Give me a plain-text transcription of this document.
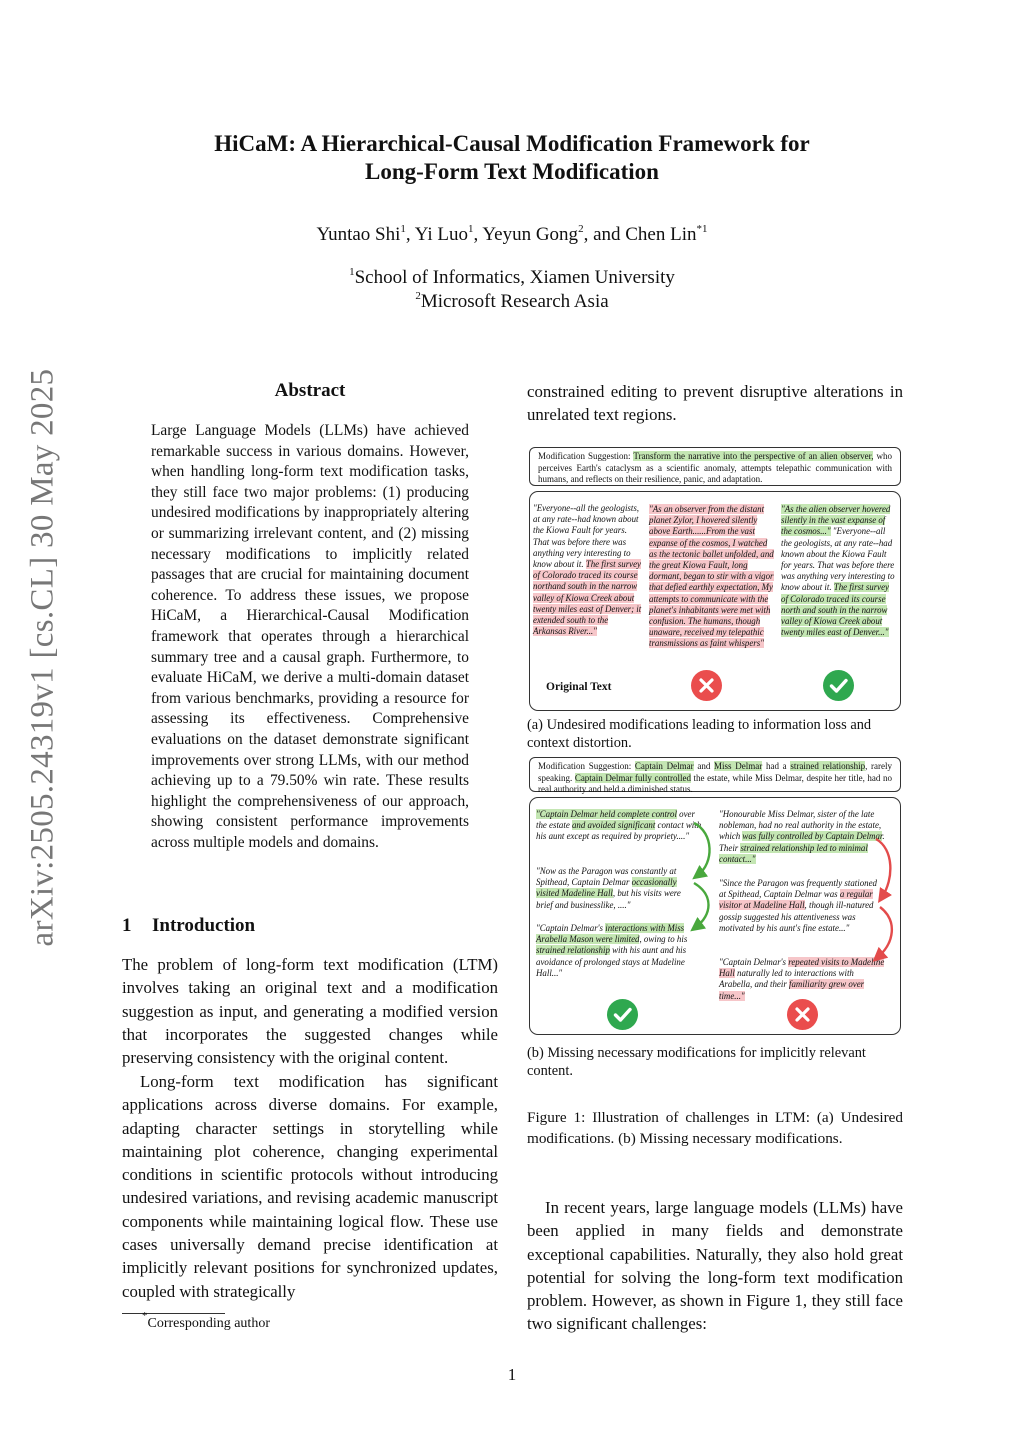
HiCaM: A Hierarchical-Causal Modification Framework for
Long-Form Text Modification
Yuntao Shi$^1$, Yi Luo$^1$, Yeyun Gong$^2$, and Chen Lin$^{*1}$
$^1$School of Informatics, Xiamen University
$^2$Microsoft Research Asia
arXiv:2505.24319v1 [cs.CL] 30 May 2025	Abstract
Large Language Models (LLMs) have achieved remarkable success in various domains. However, when handling long-form text modification tasks, they still face two major problems: (1) producing undesired modifications by inappropriately altering or summarizing irrelevant content, and (2) missing necessary modifications to implicitly related passages that are crucial for maintaining document coherence. To address these issues, we propose HiCaM, a Hierarchical-Causal Modification framework that operates through a hierarchical summary tree and a causal graph. Furthermore, to evaluate HiCaM, we derive a multi-domain dataset from various benchmarks, providing a resource for assessing its effectiveness. Comprehensive evaluations on the dataset demonstrate significant improvements over strong LLMs, with our method achieving up to a 79.50% win rate. These results highlight the comprehensiveness of our approach, showing consistent performance improvements across multiple models and domains.
1 Introduction
The problem of long-form text modification (LTM) involves taking an original text and a modification suggestion as input, and generating a modified version that incorporates the suggested changes while preserving consistency with the original content.
Long-form text modification has significant applications across diverse domains. For example, adapting character settings in storytelling while maintaining plot coherence, changing experimental conditions in scientific protocols without introducing undesired variations, and revising academic manuscript components while maintaining logical flow. These use cases universally demand precise identification at implicitly relevant positions for synchronized updates, coupled with strategically
*Corresponding author
1
constrained editing to prevent disruptive alterations in unrelated text regions.
Modification Suggestion: Transform the narrative into the perspective of an alien observer, who perceives Earth's cataclysm as a scientific anomaly, attempts telepathic communication with humans, and reflects on their resilience, panic, and adaptation.
"Everyone--all the geologists, at any rate--had known about the Kiowa Fault for years. That was before there was anything very interesting to know about it. The first survey of Colorado traced its course northand south in the narrow valley of Kiowa Creek about twenty miles east of Denver; it extended south to the Arkansas River..."
"As an observer from the distant planet Zylor, I hovered silently above Earth......From the vast expanse of the cosmos, I watched as the tectonic ballet unfolded, and the great Kiowa Fault, long dormant, began to stir with a vigor that defied earthly expectation, My attempts to communicate with the planet's inhabitants were met with confusion. The humans, though unaware, received my telepathic transmissions as faint whispers"
"As the alien observer hovered silently in the vast expanse of the cosmos..." "Everyone--all the geologists, at any rate--had known about the Kiowa Fault for years. That was before there was anything very interesting to know about it. The first survey of Colorado traced its course north and south in the narrow valley of Kiowa Creek about twenty miles east of Denver..."
Original Text
(a) Undesired modifications leading to information loss and context distortion.
Modification Suggestion: Captain Delmar and Miss Delmar had a strained relationship, rarely speaking. Captain Delmar fully controlled the estate, while Miss Delmar, despite her title, had no real authority and held a diminished status.
"Captain Delmar held complete control over the estate and avoided significant contact with his aunt except as required by propriety...."
"Now as the Paragon was constantly at Spithead, Captain Delmar occasionally visited Madeline Hall, but his visits were brief and businesslike, ...."
"Captain Delmar's interactions with Miss Arabella Mason were limited, owing to his strained relationship with his aunt and his avoidance of prolonged stays at Madeline Hall..."
"Honourable Miss Delmar, sister of the late nobleman, had no real authority in the estate, which was fully controlled by Captain Delmar. Their strained relationship led to minimal contact..."
"Since the Paragon was frequently stationed at Spithead, Captain Delmar was a regular visitor at Madeline Hall, though ill-natured gossip suggested his attentiveness was motivated by his aunt's fine estate..."
"Captain Delmar's repeated visits to Madeline Hall naturally led to interactions with Arabella, and their familiarity grew over time..."
(b) Missing necessary modifications for implicitly relevant content.
Figure 1: Illustration of challenges in LTM: (a) Undesired modifications. (b) Missing necessary modifications.
In recent years, large language models (LLMs) have been applied in many fields and demonstrate exceptional capabilities. Naturally, they also hold great potential for solving the long-form text modification problem. However, as shown in Figure 1, they still face two significant challenges:
